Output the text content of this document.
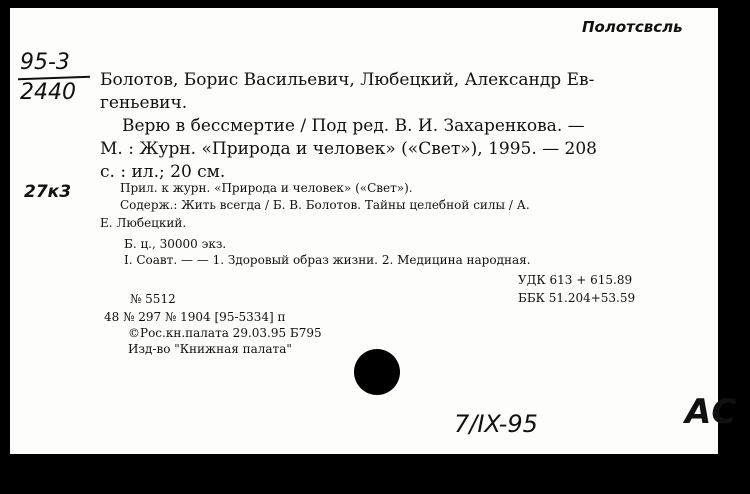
Полотсвсль
95-3
2440
27к3
Болотов, Борис Васильевич, Любецкий, Александр Ев-
геньевич.
Верю в бессмертие / Под ред. В. И. Захаренкова. —
М. : Журн. «Природа и человек» («Свет»), 1995. — 208
с. : ил.; 20 см.
Прил. к журн. «Природа и человек» («Свет»).
Содерж.: Жить всегда / Б. В. Болотов. Тайны целебной силы / А.
Е. Любецкий.
Б. ц., 30000 экз.
I. Соавт. — — 1. Здоровый образ жизни. 2. Медицина народная.
УДК 613 + 615.89
ББК 51.204+53.59
№ 5512
48 № 297 № 1904 [95-5334] п
©Рос.кн.палата 29.03.95 Б795
Изд-во "Книжная палата"
7/IX-95	АС
